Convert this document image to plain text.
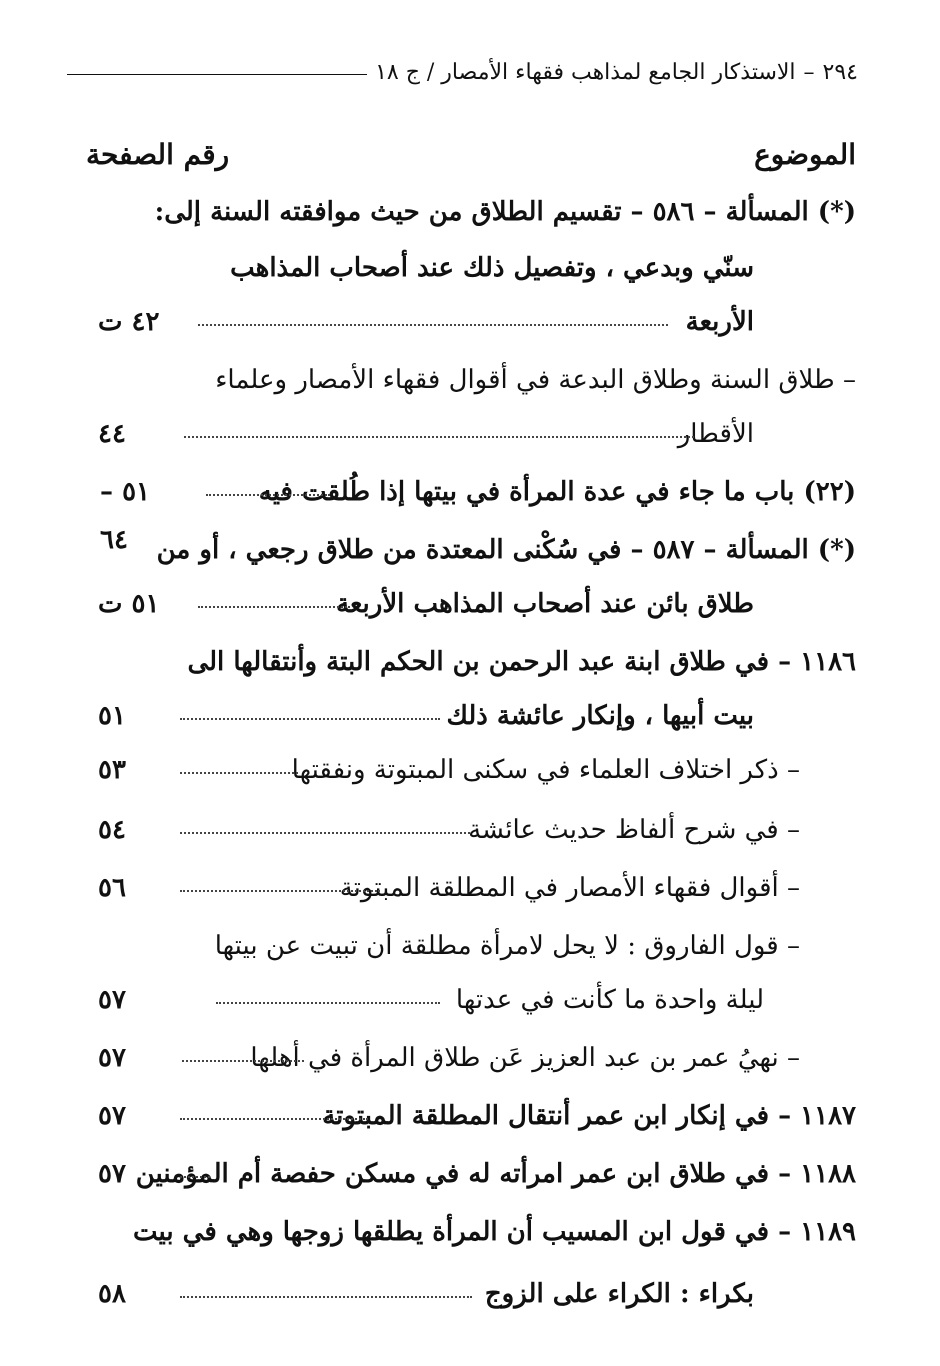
٢٩٤
–
الاستذكار الجامع لمذاهب فقهاء الأمصار / ج ١٨
الموضوع
رقم الصفحة
(*) المسألة – ٥٨٦ – تقسيم الطلاق من حيث موافقته السنة إلى:
سنّي وبدعي ، وتفصيل ذلك عند أصحاب المذاهب
الأربعة
٤٢ ت
– طلاق السنة وطلاق البدعة في أقوال فقهاء الأمصار وعلماء
الأقطار
٤٤
(٢٢) باب ما جاء في عدة المرأة في بيتها إذا طُلقت فيه
٥١ – ٦٤	(*) المسألة – ٥٨٧ – في سُكْنى المعتدة من طلاق رجعي ، أو من
طلاق بائن عند أصحاب المذاهب الأربعة
٥١ ت
١١٨٦ – في طلاق ابنة عبد الرحمن بن الحكم البتة وأنتقالها الى
بيت أبيها ، وإنكار عائشة ذلك
٥١
– ذكر اختلاف العلماء في سكنى المبتوتة ونفقتها
٥٣
– في شرح ألفاظ حديث عائشة
٥٤
– أقوال فقهاء الأمصار في المطلقة المبتوتة
٥٦
– قول الفاروق : لا يحل لامرأة مطلقة أن تبيت عن بيتها
ليلة واحدة ما كأنت في عدتها
٥٧
– نهيُ عمر بن عبد العزيز عَن طلاق المرأة في أهلها
٥٧
١١٨٧ – في إنكار ابن عمر أنتقال المطلقة المبتوتة
٥٧
١١٨٨ – في طلاق ابن عمر امرأته له في مسكن حفصة أم المؤمنين
٥٧
١١٨٩ – في قول ابن المسيب أن المرأة يطلقها زوجها وهي في بيت
بكراء : الكراء على الزوج
٥٨
